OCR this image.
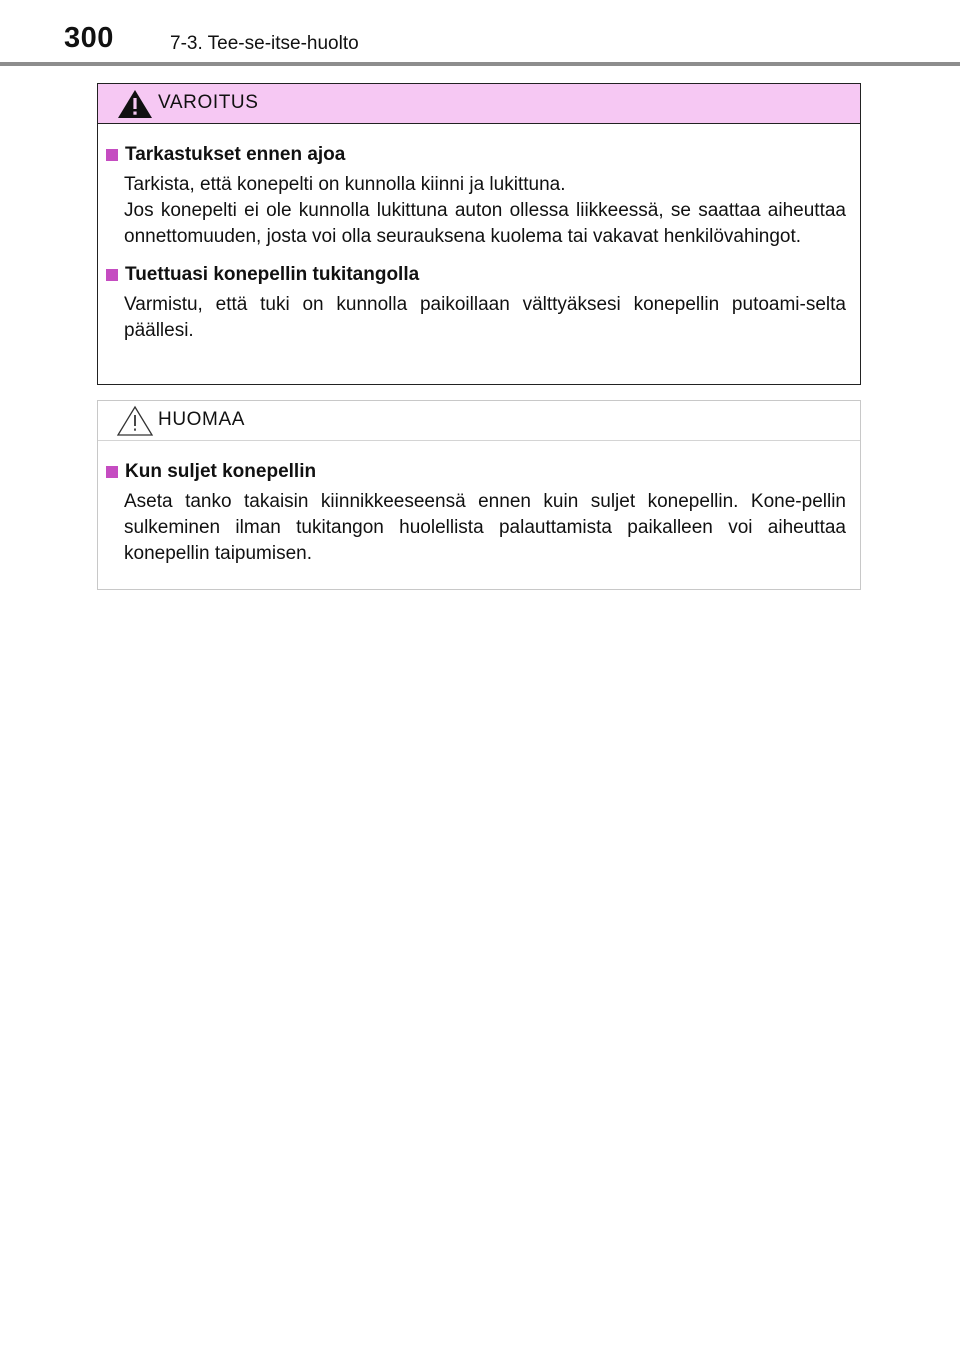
300	7-3. Tee-se-itse-huolto
VAROITUS
Tarkastukset ennen ajoa

Tarkista, että konepelti on kunnolla kiinni ja lukittuna.

Jos konepelti ei ole kunnolla lukittuna auton ollessa liikkeessä, se saattaa aiheuttaa onnettomuuden, josta voi olla seurauksena kuolema tai vakavat henkilövahingot.

Tuettuasi konepellin tukitangolla

Varmistu, että tuki on kunnolla paikoillaan välttyäksesi konepellin putoami-selta päällesi.

HUOMAA
Kun suljet konepellin

Aseta tanko takaisin kiinnikkeeseensä ennen kuin suljet konepellin. Kone-pellin sulkeminen ilman tukitangon huolellista palauttamista paikalleen voi aiheuttaa konepellin taipumisen.
